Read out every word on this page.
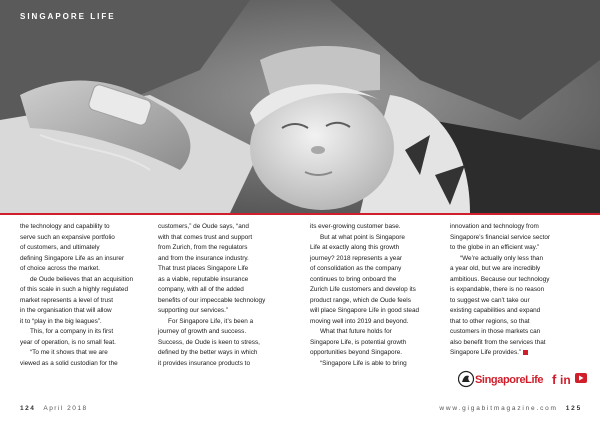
SINGAPORE LIFE

the technology and capability to

serve such an expansive portfolio

of customers, and ultimately

defining Singapore Life as an insurer

of choice across the market.

de Oude believes that an acquisition

of this scale in such a highly regulated

market represents a level of trust

in the organisation that will allow

it to “play in the big leagues”.

This, for a company in its first

year of operation, is no small feat.

“To me it shows that we are

viewed as a solid custodian for the

customers,” de Oude says, “and

with that comes trust and support

from Zurich, from the regulators

and from the insurance industry.

That trust places Singapore Life

as a viable, reputable insurance

company, with all of the added

benefits of our impeccable technology

supporting our services.”

For Singapore Life, it’s been a

journey of growth and success.

Success, de Oude is keen to stress,

defined by the better ways in which

it provides insurance products to

its ever-growing customer base.

But at what point is Singapore

Life at exactly along this growth

journey? 2018 represents a year

of consolidation as the company

continues to bring onboard the

Zurich Life customers and develop its

product range, which de Oude feels

will place Singapore Life in good stead

moving well into 2019 and beyond.

What that future holds for

Singapore Life, is potential growth

opportunities beyond Singapore.

“Singapore Life is able to bring

innovation and technology from

Singapore’s financial service sector

to the globe in an efficient way.”

“We’re actually only less than

a year old, but we are incredibly

ambitious. Because our technology

is expandable, there is no reason

to suggest we can’t take our

existing capabilities and expand

that to other regions, so that

customers in those markets can

also benefit from the services that

Singapore Life provides.”

SingaporeLife f in
124 April 2018	www.gigabitmagazine.com 125
